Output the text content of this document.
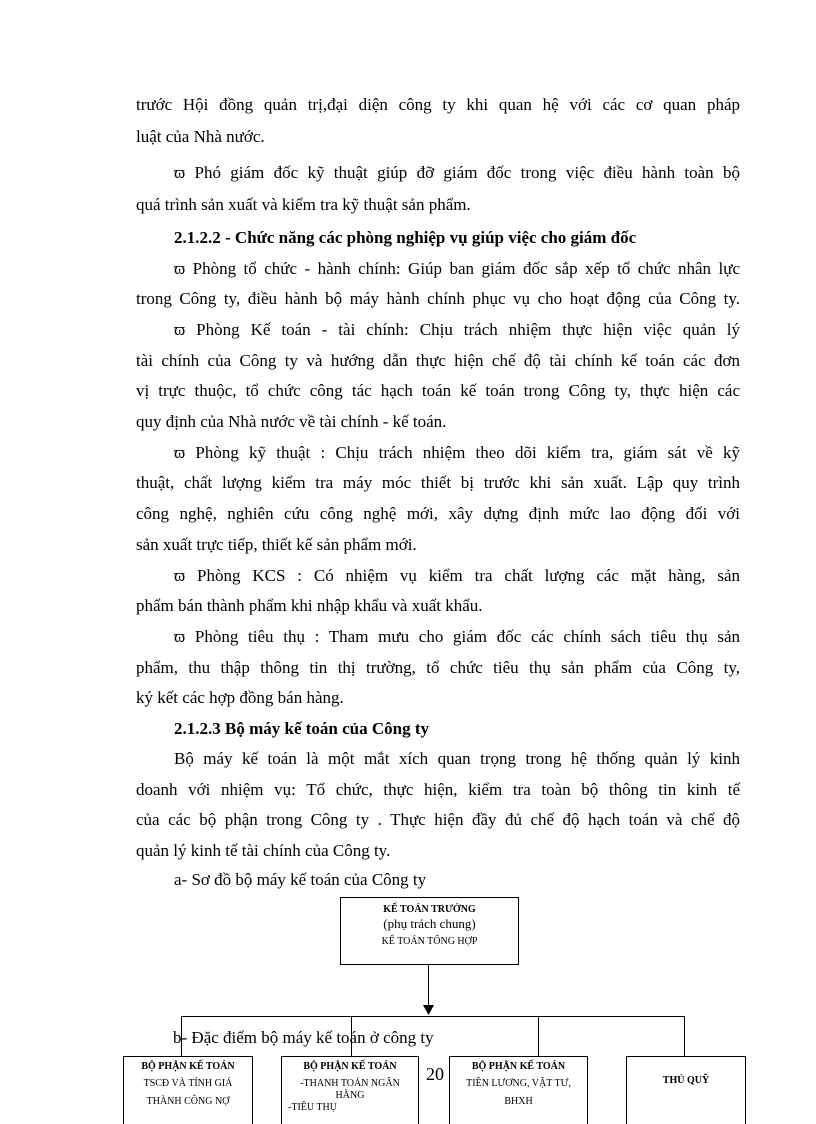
trước Hội đồng quản trị,đại diện công ty khi quan hệ với các cơ quan pháp
luật của Nhà nước.
ϖ Phó giám đốc kỹ thuật giúp đỡ giám đốc trong việc điều hành toàn bộ
quá trình sản xuất và kiểm tra kỹ thuật sản phẩm.
2.1.2.2 - Chức năng các phòng nghiệp vụ giúp việc cho giám đốc
ϖ Phòng tổ chức - hành chính: Giúp ban giám đốc sắp xếp tổ chức nhân lực
trong Công ty, điều hành bộ máy hành chính phục vụ cho hoạt động của Công ty.
ϖ Phòng Kế toán - tài chính: Chịu trách nhiệm thực hiện việc quản lý
tài chính của Công ty và hướng dẫn thực hiện chế độ tài chính kế toán các đơn
vị trực thuộc, tổ chức công tác hạch toán kế toán trong Công ty, thực hiện các
quy định của Nhà nước về tài chính - kế toán.
ϖ Phòng kỹ thuật : Chịu trách nhiệm theo dõi kiểm tra, giám sát về kỹ
thuật, chất lượng kiểm tra máy móc thiết bị trước khi sản xuất. Lập quy trình
công nghệ, nghiên cứu công nghệ mới, xây dựng định mức lao động đối với
sản xuất trực tiếp, thiết kế sản phẩm mới.
ϖ Phòng KCS : Có nhiệm vụ kiểm tra chất lượng các mặt hàng, sản
phẩm bán thành phẩm khi nhập khẩu và xuất khẩu.
ϖ Phòng tiêu thụ : Tham mưu cho giám đốc các chính sách tiêu thụ sản
phẩm, thu thập thông tin thị trường, tổ chức tiêu thụ sản phẩm của Công ty,
ký kết các hợp đồng bán hàng.
2.1.2.3 Bộ máy kế toán của Công ty
Bộ máy kế toán là một mắt xích quan trọng trong hệ thống quản lý kinh
doanh với nhiệm vụ: Tổ chức, thực hiện, kiểm tra toàn bộ thông tin kinh tế
của các bộ phận trong Công ty . Thực hiện đầy đủ chế độ hạch toán và chế độ
quản lý kinh tế tài chính của Công ty.
a- Sơ đồ bộ máy kế toán của Công ty
KẾ TOÁN TRƯỞNG
(phụ trách chung)
KẾ TOÁN TỔNG HỢP
b- Đặc điểm bộ máy kế toán ở công ty
BỘ PHẬN KẾ TOÁN
TSCĐ VÀ TÍNH GIÁ
THÀNH CÔNG NỢ
BỘ PHẬN KẾ TOÁN
-THANH TOÁN NGÂN HÀNG
-TIÊU THỤ
20	BỘ PHẬN KẾ TOÁN
TIỀN LƯƠNG, VẬT TƯ,
BHXH
THỦ QUỸ
